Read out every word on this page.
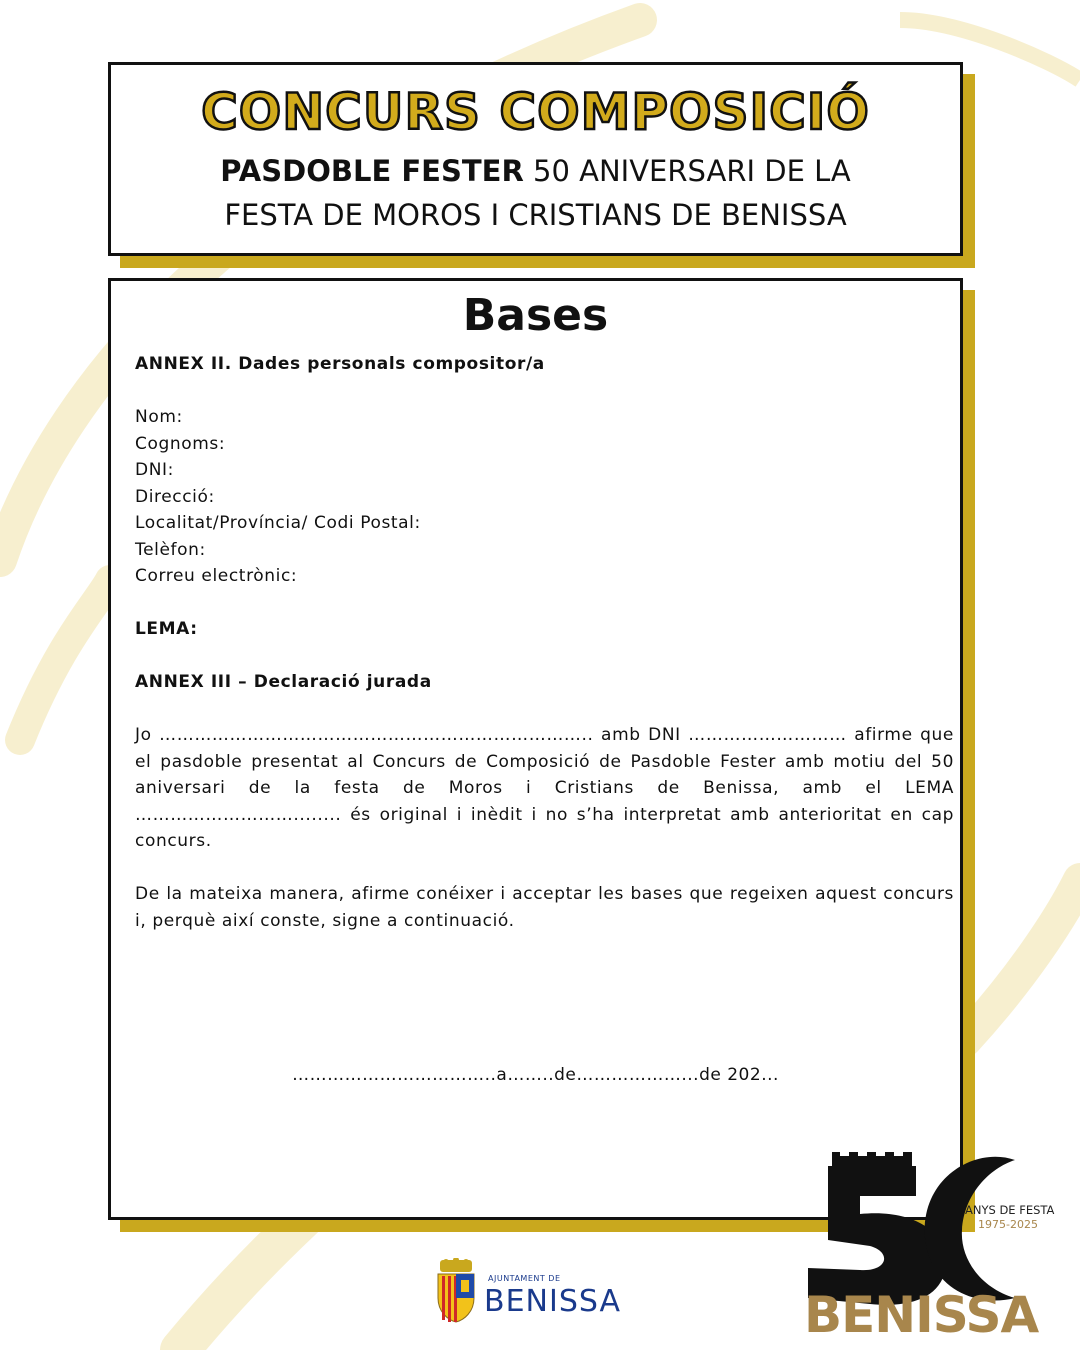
CONCURS COMPOSICIÓ
PASDOBLE FESTER 50 ANIVERSARI DE LA
FESTA DE MOROS I CRISTIANS DE BENISSA
Bases

ANNEX II. Dades personals compositor/a

Nom:

Cognoms:

DNI:

Direcció:

Localitat/Província/ Codi Postal:

Telèfon:

Correu electrònic:

LEMA:

ANNEX III – Declaració jurada

Jo ……………………………………………………………….. amb DNI ……………………… afirme que el pasdoble presentat al Concurs de Composició de Pasdoble Fester amb motiu del 50 aniversari de la festa de Moros i Cristians de Benissa, amb el LEMA ………………………........ és original i inèdit i no s’ha interpretat amb anterioritat en cap concurs.

De la mateixa manera, afirme conéixer i acceptar les bases que regeixen aquest concurs i, perquè així conste, signe a continuació.

……………………………..a……..de………………...de 202...
ANYS DE FESTA
1975-2025
BENISSA
AJUNTAMENT DE
BENISSA
